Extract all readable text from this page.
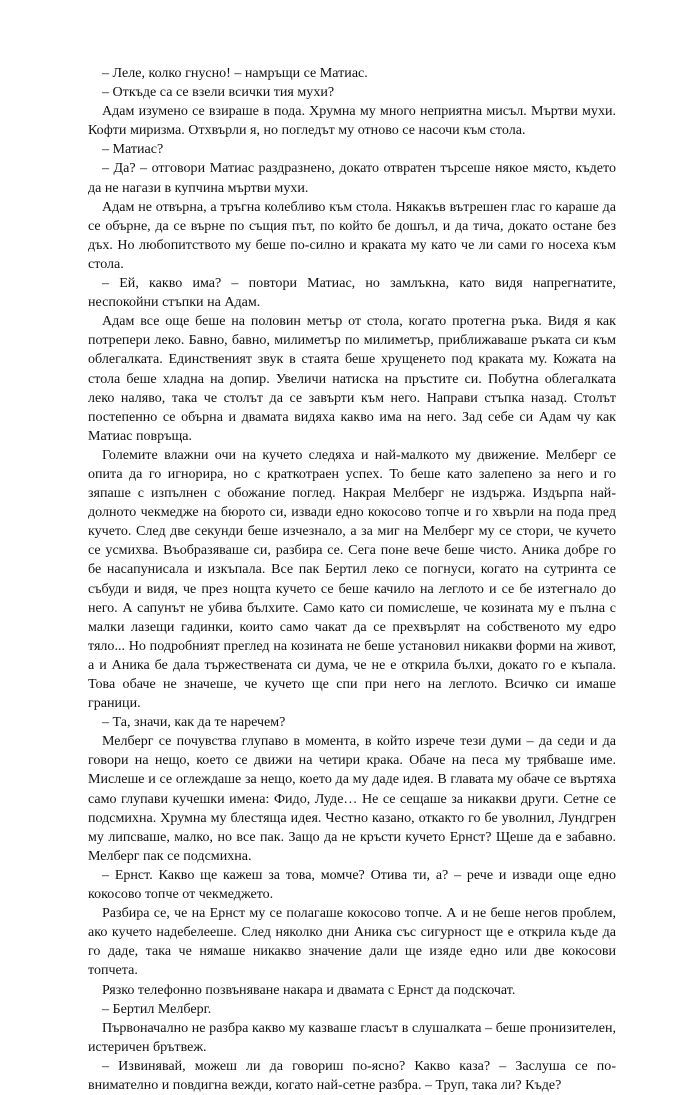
– Леле, колко гнусно! – намръщи се Матиас.

– Откъде са се взели всички тия мухи?

Адам изумено се взираше в пода. Хрумна му много неприятна мисъл. Мъртви мухи. Кофти миризма. Отхвърли я, но погледът му отново се насочи към стола.

– Матиас?

– Да? – отговори Матиас раздразнено, докато отвратен търсеше някое място, където да не нагази в купчина мъртви мухи.

Адам не отвърна, а тръгна колебливо към стола. Някакъв вътрешен глас го караше да се обърне, да се върне по същия път, по който бе дошъл, и да тича, докато остане без дъх. Но любопитството му беше по-силно и краката му като че ли сами го носеха към стола.

– Ей, какво има? – повтори Матиас, но замлъкна, като видя напрегнатите, неспокойни стъпки на Адам.

Адам все още беше на половин метър от стола, когато протегна ръка. Видя я как потрепери леко. Бавно, бавно, милиметър по милиметър, приближаваше ръката си към облегалката. Единственият звук в стаята беше хрущенето под краката му. Кожата на стола беше хладна на допир. Увеличи натиска на пръстите си. Побутна облегалката леко наляво, така че столът да се завърти към него. Направи стъпка назад. Столът постепенно се обърна и двамата видяха какво има на него. Зад себе си Адам чу как Матиас повръща.

Големите влажни очи на кучето следяха и най-малкото му движение. Мелберг се опита да го игнорира, но с краткотраен успех. То беше като залепено за него и го зяпаше с изпълнен с обожание поглед. Накрая Мелберг не издържа. Издърпа най-долното чекмедже на бюрото си, извади едно кокосово топче и го хвърли на пода пред кучето. След две секунди беше изчезнало, а за миг на Мелберг му се стори, че кучето се усмихва. Въобразяваше си, разбира се. Сега поне вече беше чисто. Аника добре го бе насапунисала и изкъпала. Все пак Бертил леко се погнуси, когато на сутринта се събуди и видя, че през нощта кучето се беше качило на леглото и се бе изтегнало до него. А сапунът не убива бълхите. Само като си помислеше, че козината му е пълна с малки лазещи гадинки, които само чакат да се прехвърлят на собственото му едро тяло... Но подробният преглед на козината не беше установил никакви форми на живот, а и Аника бе дала тържествената си дума, че не е открила бълхи, докато го е къпала. Това обаче не значеше, че кучето ще спи при него на леглото. Всичко си имаше граници.

– Та, значи, как да те наречем?

Мелберг се почувства глупаво в момента, в който изрече тези думи – да седи и да говори на нещо, което се движи на четири крака. Обаче на песа му трябваше име. Мислеше и се оглеждаше за нещо, което да му даде идея. В главата му обаче се въртяха само глупави кучешки имена: Фидо, Луде… Не се сещаше за никакви други. Сетне се подсмихна. Хрумна му блестяща идея. Честно казано, откакто го бе уволнил, Лундгрен му липсваше, малко, но все пак. Защо да не кръсти кучето Ернст? Щеше да е забавно. Мелберг пак се подсмихна.

– Ернст. Какво ще кажеш за това, момче? Отива ти, а? – рече и извади още едно кокосово топче от чекмеджето.

Разбира се, че на Ернст му се полагаше кокосово топче. А и не беше негов проблем, ако кучето надебелееше. След няколко дни Аника със сигурност ще е открила къде да го даде, така че нямаше никакво значение дали ще изяде едно или две кокосови топчета.

Рязко телефонно позвъняване накара и двамата с Ернст да подскочат.

– Бертил Мелберг.

Първоначално не разбра какво му казваше гласът в слушалката – беше пронизителен, истеричен брътвеж.

– Извинявай, можеш ли да говориш по-ясно? Какво каза? – Заслуша се по-внимателно и повдигна вежди, когато най-сетне разбра. – Труп, така ли? Къде?
